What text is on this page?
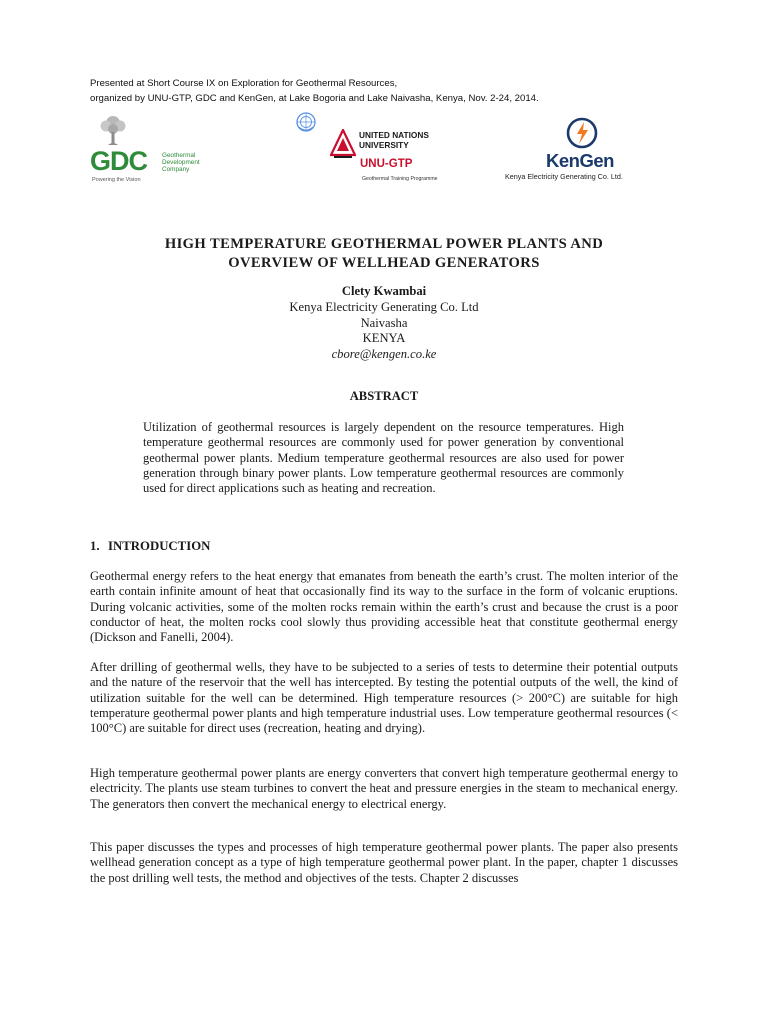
Presented at Short Course IX on Exploration for Geothermal Resources,
organized by UNU-GTP, GDC and KenGen, at Lake Bogoria and Lake Naivasha, Kenya, Nov. 2-24, 2014.
GDC Geothermal
Development
Company
Powering the Vision
UNITED NATIONS
UNIVERSITY
UNU-GTP
Geothermal Training Programme
KenGen
Kenya Electricity Generating Co. Ltd.
HIGH TEMPERATURE GEOTHERMAL POWER PLANTS AND
OVERVIEW OF WELLHEAD GENERATORS
Clety Kwambai
Kenya Electricity Generating Co. Ltd
Naivasha
KENYA
cbore@kengen.co.ke
ABSTRACT
Utilization of geothermal resources is largely dependent on the resource temperatures. High temperature geothermal resources are commonly used for power generation by conventional geothermal power plants. Medium temperature geothermal resources are also used for power generation through binary power plants. Low temperature geothermal resources are commonly used for direct applications such as heating and recreation.
1. INTRODUCTION
Geothermal energy refers to the heat energy that emanates from beneath the earth’s crust. The molten interior of the earth contain infinite amount of heat that occasionally find its way to the surface in the form of volcanic eruptions. During volcanic activities, some of the molten rocks remain within the earth’s crust and because the crust is a poor conductor of heat, the molten rocks cool slowly thus providing accessible heat that constitute geothermal energy (Dickson and Fanelli, 2004).
After drilling of geothermal wells, they have to be subjected to a series of tests to determine their potential outputs and the nature of the reservoir that the well has intercepted. By testing the potential outputs of the well, the kind of utilization suitable for the well can be determined. High temperature resources (> 200°C) are suitable for high temperature geothermal power plants and high temperature industrial uses. Low temperature geothermal resources (< 100°C) are suitable for direct uses (recreation, heating and drying).
High temperature geothermal power plants are energy converters that convert high temperature geothermal energy to electricity. The plants use steam turbines to convert the heat and pressure energies in the steam to mechanical energy. The generators then convert the mechanical energy to electrical energy.
This paper discusses the types and processes of high temperature geothermal power plants. The paper also presents wellhead generation concept as a type of high temperature geothermal power plant. In the paper, chapter 1 discusses the post drilling well tests, the method and objectives of the tests. Chapter 2 discusses
